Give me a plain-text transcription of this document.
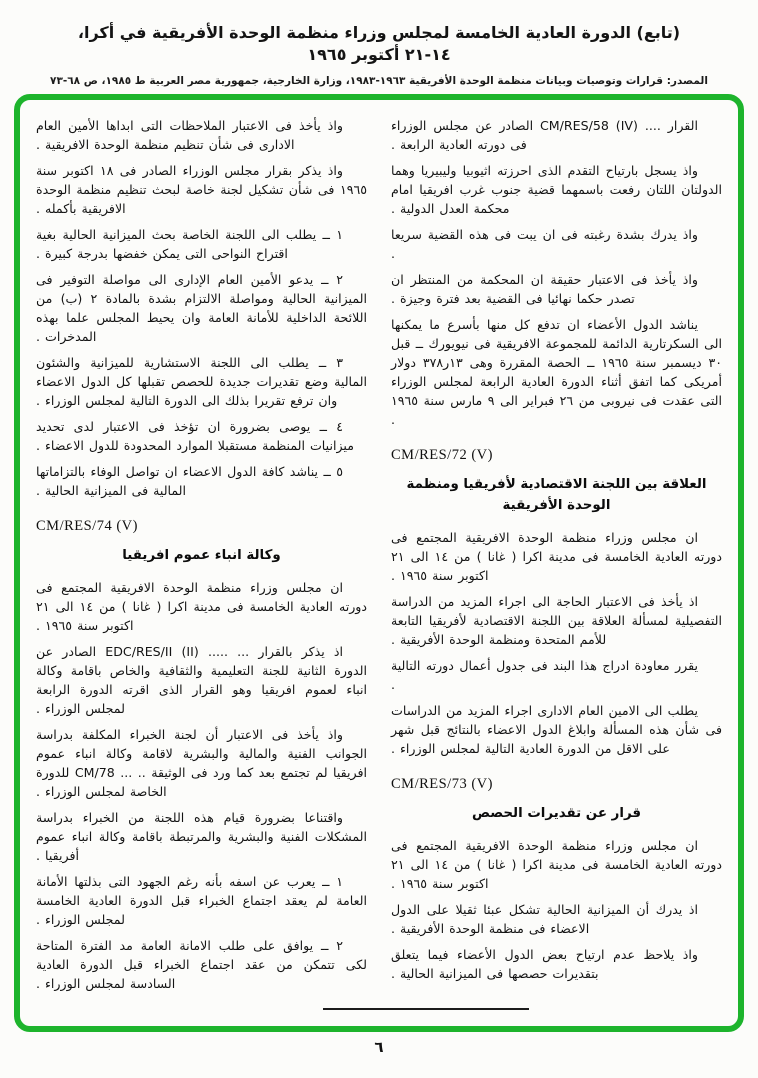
(تابع) الدورة العادية الخامسة لمجلس وزراء منظمة الوحدة الأفريقية في أكرا، ١٤-٢١ أكتوبر ١٩٦٥
المصدر: قرارات وتوصيات وبيانات منظمة الوحدة الأفريقية ١٩٦٣-١٩٨٣، وزارة الخارجية، جمهورية مصر العربية ط ١٩٨٥، ص ٦٨-٧٣

القرار .... CM/RES/58 (IV) الصادر عن مجلس الوزراء فى دورته العادية الرابعة .

واذ يسجل بارتياح التقدم الذى احرزته اثيوبيا وليبيريا وهما الدولتان اللتان رفعت باسمهما قضية جنوب غرب افريقيا امام محكمة العدل الدولية .

واذ يدرك بشدة رغبته فى ان يبت فى هذه القضية سريعا .

واذ يأخذ فى الاعتبار حقيقة ان المحكمة من المنتظر ان تصدر حكما نهائيا فى القضية بعد فترة وجيزة .

يناشد الدول الأعضاء ان تدفع كل منها بأسرع ما يمكنها الى السكرتارية الدائمة للمجموعة الافريقية فى نيويورك ــ قبل ٣٠ ديسمبر سنة ١٩٦٥ ــ الحصة المقررة وهى ١٣ر٣٧٨ دولار أمريكى كما اتفق أثناء الدورة العادية الرابعة لمجلس الوزراء التى عقدت فى نيروبى من ٢٦ فبراير الى ٩ مارس سنة ١٩٦٥ .

CM/RES/72 (V)
العلاقة بين اللجنة الاقتصادية لأفريقيا ومنظمة الوحدة الأفريقية

ان مجلس وزراء منظمة الوحدة الافريقية المجتمع فى دورته العادية الخامسة فى مدينة اكرا ( غانا ) من ١٤ الى ٢١ اكتوبر سنة ١٩٦٥ .

اذ يأخذ فى الاعتبار الحاجة الى اجراء المزيد من الدراسة التفصيلية لمسألة العلاقة بين اللجنة الاقتصادية لأفريقيا التابعة للأمم المتحدة ومنظمة الوحدة الأفريقية .

يقرر معاودة ادراج هذا البند فى جدول أعمال دورته التالية .

يطلب الى الامين العام الادارى اجراء المزيد من الدراسات فى شأن هذه المسألة وابلاغ الدول الاعضاء بالنتائج قبل شهر على الاقل من الدورة العادية التالية لمجلس الوزراء .

CM/RES/73 (V)
قرار عن تقديرات الحصص

ان مجلس وزراء منظمة الوحدة الافريقية المجتمع فى دورته العادية الخامسة فى مدينة اكرا ( غانا ) من ١٤ الى ٢١ اكتوبر سنة ١٩٦٥ .

اذ يدرك أن الميزانية الحالية تشكل عبئا ثقيلا على الدول الاعضاء فى منظمة الوحدة الأفريقية .

واذ يلاحظ عدم ارتياح بعض الدول الأعضاء فيما يتعلق بتقديرات حصصها فى الميزانية الحالية .

واذ يأخذ فى الاعتبار الملاحظات التى ابداها الأمين العام الادارى فى شأن تنظيم منظمة الوحدة الافريقية .

واذ يذكر بقرار مجلس الوزراء الصادر فى ١٨ اكتوبر سنة ١٩٦٥ فى شأن تشكيل لجنة خاصة لبحث تنظيم منظمة الوحدة الافريقية بأكمله .

١ ــ يطلب الى اللجنة الخاصة بحث الميزانية الحالية بغية اقتراح النواحى التى يمكن خفضها بدرجة كبيرة .

٢ ــ يدعو الأمين العام الإدارى الى مواصلة التوفير فى الميزانية الحالية ومواصلة الالتزام بشدة بالمادة ٢ (ب) من اللائحة الداخلية للأمانة العامة وان يحيط المجلس علما بهذه المدخرات .

٣ ــ يطلب الى اللجنة الاستشارية للميزانية والشئون المالية وضع تقديرات جديدة للحصص تقبلها كل الدول الاعضاء وان ترفع تقريرا بذلك الى الدورة التالية لمجلس الوزراء .

٤ ــ يوصى بضرورة ان تؤخذ فى الاعتبار لدى تحديد ميزانيات المنظمة مستقبلا الموارد المحدودة للدول الاعضاء .

٥ ــ يناشد كافة الدول الاعضاء ان تواصل الوفاء بالتزاماتها المالية فى الميزانية الحالية .

CM/RES/74 (V)
وكالة انباء عموم افريقيا

ان مجلس وزراء منظمة الوحدة الافريقية المجتمع فى دورته العادية الخامسة فى مدينة اكرا ( غانا ) من ١٤ الى ٢١ اكتوبر سنة ١٩٦٥ .

اذ يذكر بالقرار ... ..... EDC/RES/II (II) الصادر عن الدورة الثانية للجنة التعليمية والثقافية والخاص باقامة وكالة انباء لعموم افريقيا وهو القرار الذى اقرته الدورة الرابعة لمجلس الوزراء .

واذ يأخذ فى الاعتبار أن لجنة الخبراء المكلفة بدراسة الجوانب الفنية والمالية والبشرية لاقامة وكالة انباء عموم افريقيا لم تجتمع بعد كما ورد فى الوثيقة .. ... CM/78 للدورة الخاصة لمجلس الوزراء .

واقتناعا بضرورة قيام هذه اللجنة من الخبراء بدراسة المشكلات الفنية والبشرية والمرتبطة باقامة وكالة انباء عموم أفريقيا .

١ ــ يعرب عن اسفه بأنه رغم الجهود التى بذلتها الأمانة العامة لم يعقد اجتماع الخبراء قبل الدورة العادية الخامسة لمجلس الوزراء .

٢ ــ يوافق على طلب الامانة العامة مد الفترة المتاحة لكى تتمكن من عقد اجتماع الخبراء قبل الدورة العادية السادسة لمجلس الوزراء .

٦
